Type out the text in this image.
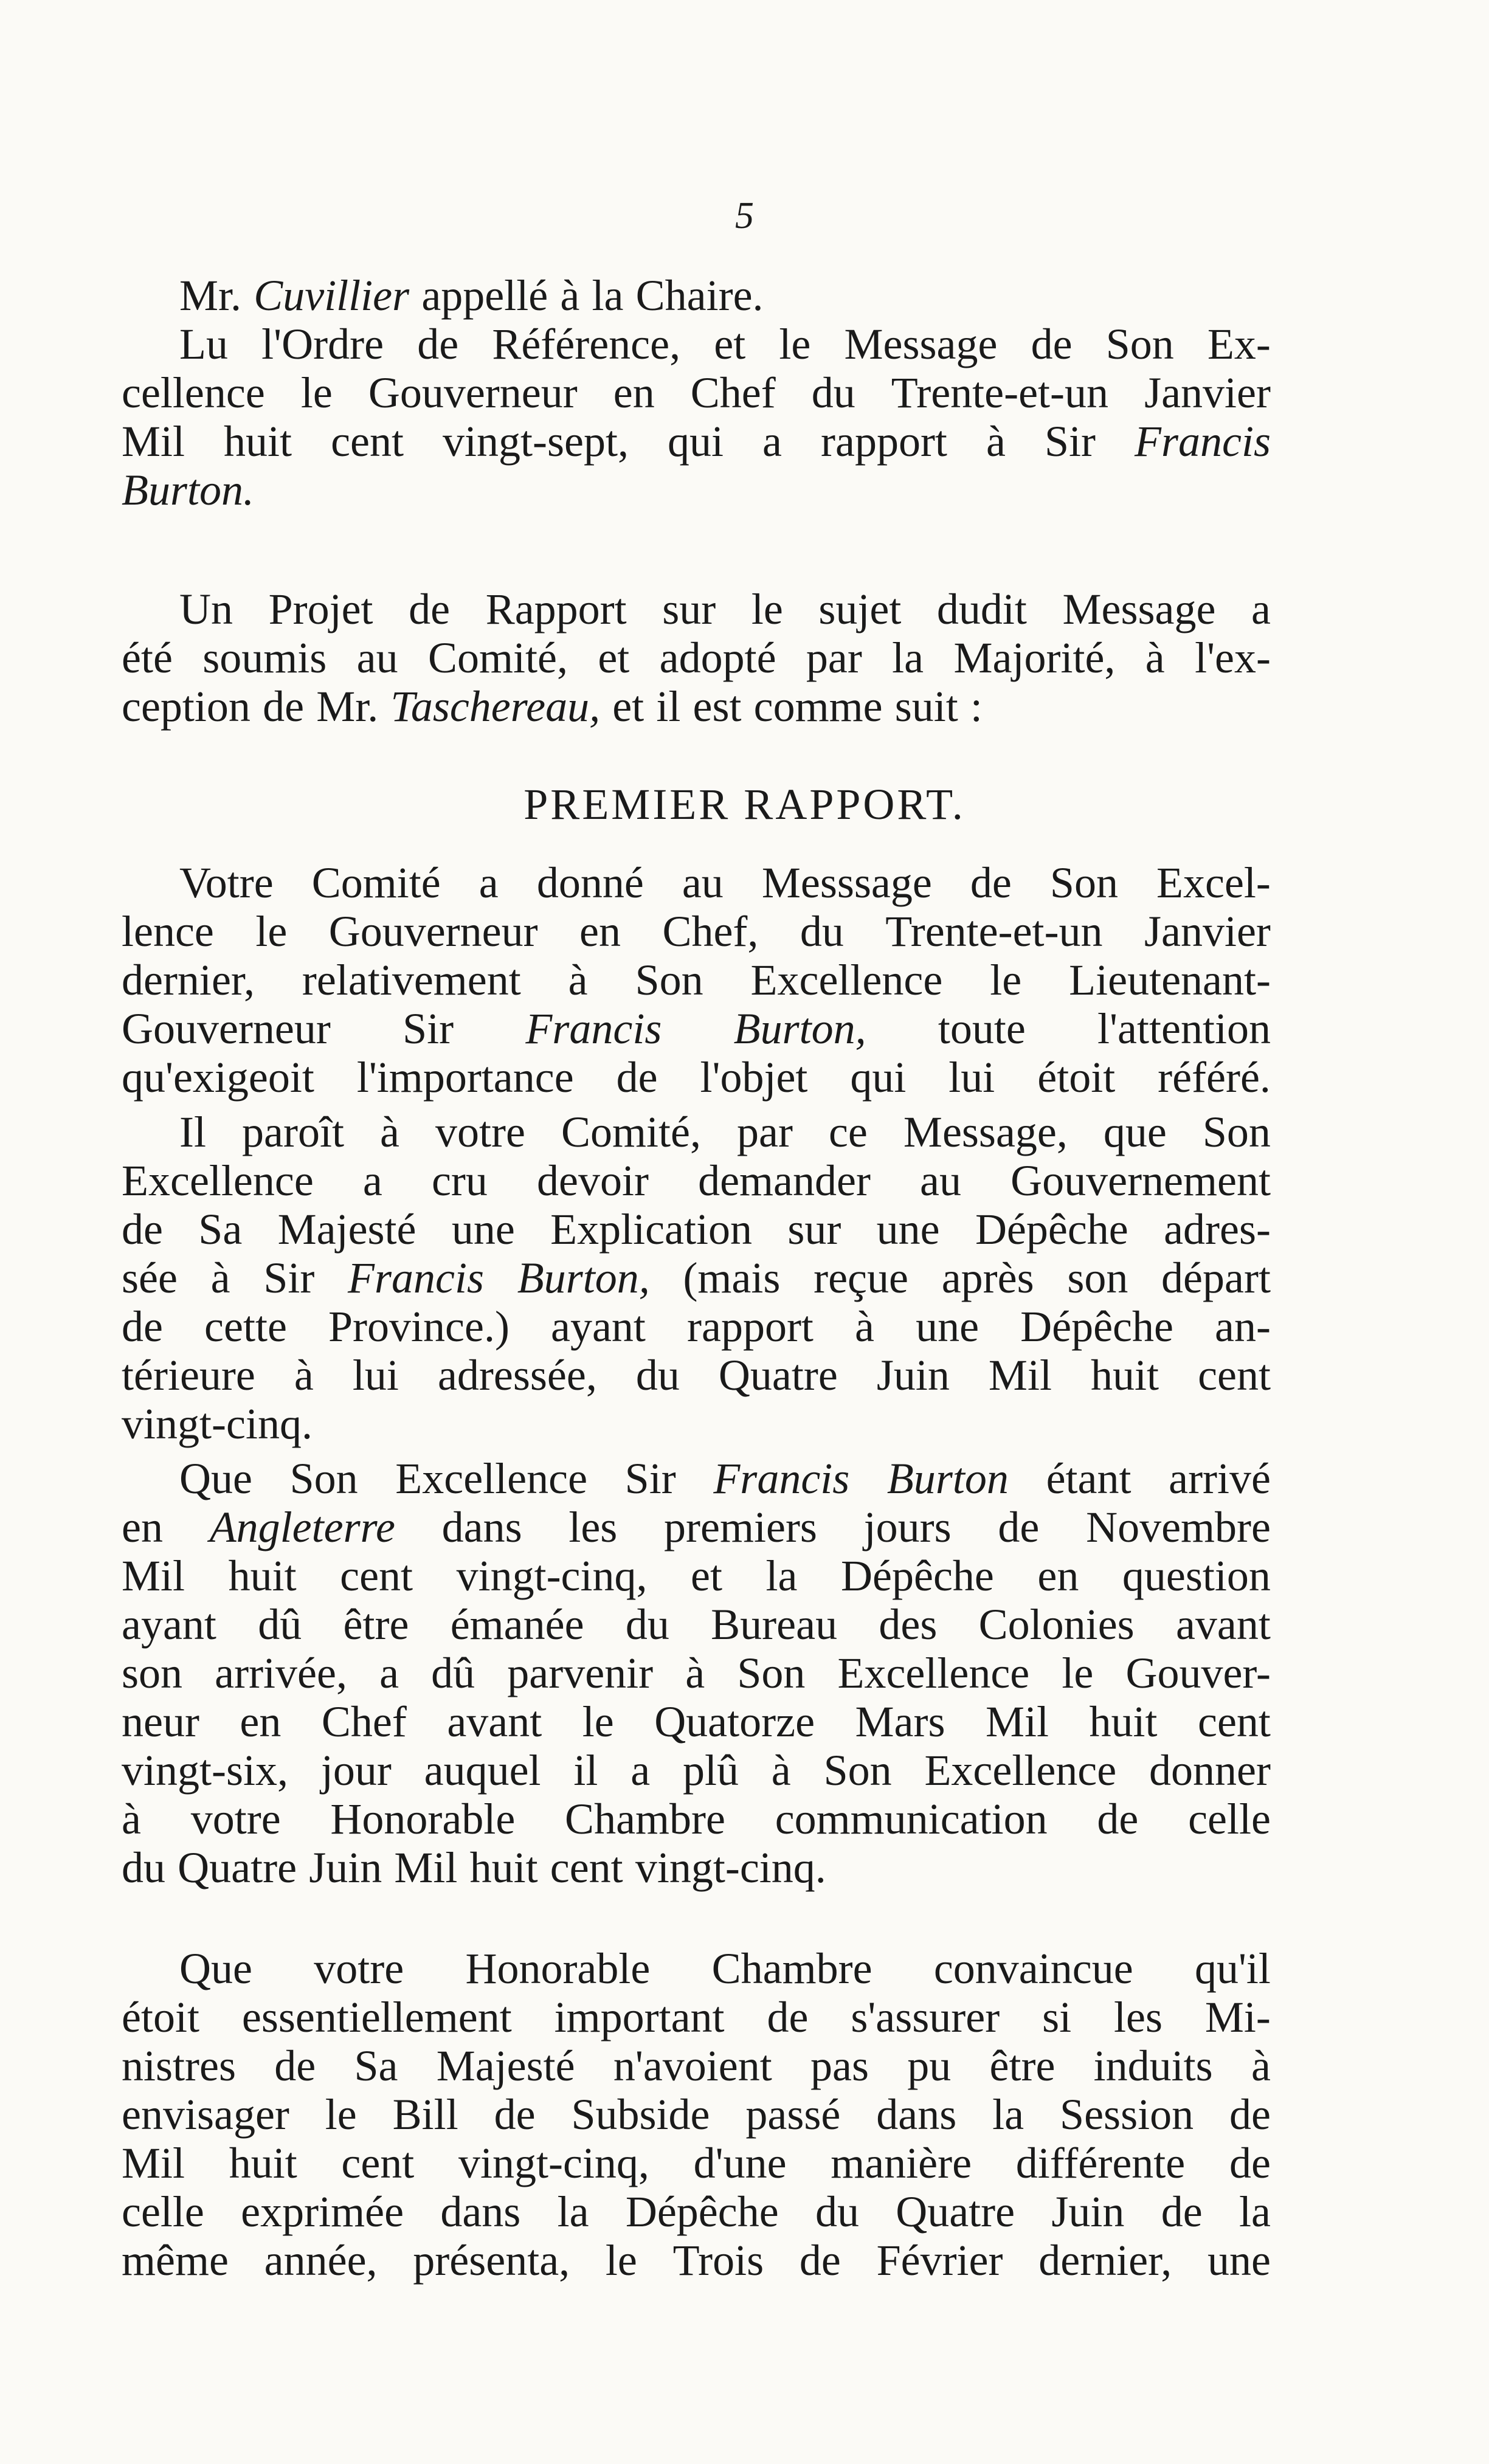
5
Mr. Cuvillier appellé à la Chaire.
Lu l'Ordre de Référence, et le Message de Son Ex-
cellence le Gouverneur en Chef du Trente-et-un Janvier
Mil huit cent vingt-sept, qui a rapport à Sir Francis
Burton.
Un Projet de Rapport sur le sujet dudit Message a
été soumis au Comité, et adopté par la Majorité, à l'ex-
ception de Mr. Taschereau, et il est comme suit :
PREMIER RAPPORT.
Votre Comité a donné au Messsage de Son Excel-
lence le Gouverneur en Chef, du Trente-et-un Janvier
dernier, relativement à Son Excellence le Lieutenant-
Gouverneur Sir Francis Burton, toute l'attention
qu'exigeoit l'importance de l'objet qui lui étoit référé.
Il paroît à votre Comité, par ce Message, que Son
Excellence a cru devoir demander au Gouvernement
de Sa Majesté une Explication sur une Dépêche adres-
sée à Sir Francis Burton, (mais reçue après son départ
de cette Province.) ayant rapport à une Dépêche an-
térieure à lui adressée, du Quatre Juin Mil huit cent
vingt-cinq.
Que Son Excellence Sir Francis Burton étant arrivé
en Angleterre dans les premiers jours de Novembre
Mil huit cent vingt-cinq, et la Dépêche en question
ayant dû être émanée du Bureau des Colonies avant
son arrivée, a dû parvenir à Son Excellence le Gouver-
neur en Chef avant le Quatorze Mars Mil huit cent
vingt-six, jour auquel il a plû à Son Excellence donner
à votre Honorable Chambre communication de celle
du Quatre Juin Mil huit cent vingt-cinq.
Que votre Honorable Chambre convaincue qu'il
étoit essentiellement important de s'assurer si les Mi-
nistres de Sa Majesté n'avoient pas pu être induits à
envisager le Bill de Subside passé dans la Session de
Mil huit cent vingt-cinq, d'une manière différente de
celle exprimée dans la Dépêche du Quatre Juin de la
même année, présenta, le Trois de Février dernier, une
